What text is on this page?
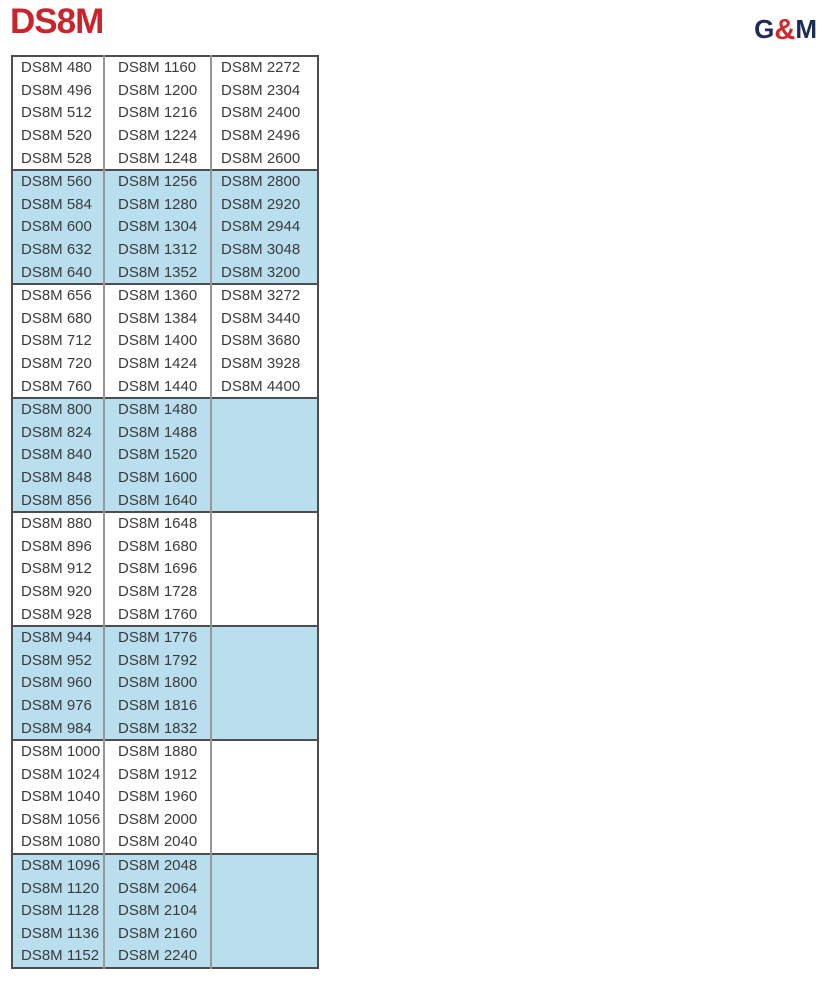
DS8M	G&M
DS8M 480	DS8M 1160	DS8M 2272
DS8M 496	DS8M 1200	DS8M 2304
DS8M 512	DS8M 1216	DS8M 2400
DS8M 520	DS8M 1224	DS8M 2496
DS8M 528	DS8M 1248	DS8M 2600
DS8M 560	DS8M 1256	DS8M 2800
DS8M 584	DS8M 1280	DS8M 2920
DS8M 600	DS8M 1304	DS8M 2944
DS8M 632	DS8M 1312	DS8M 3048
DS8M 640	DS8M 1352	DS8M 3200
DS8M 656	DS8M 1360	DS8M 3272
DS8M 680	DS8M 1384	DS8M 3440
DS8M 712	DS8M 1400	DS8M 3680
DS8M 720	DS8M 1424	DS8M 3928
DS8M 760	DS8M 1440	DS8M 4400
DS8M 800	DS8M 1480	
DS8M 824	DS8M 1488	
DS8M 840	DS8M 1520	
DS8M 848	DS8M 1600	
DS8M 856	DS8M 1640	
DS8M 880	DS8M 1648	
DS8M 896	DS8M 1680	
DS8M 912	DS8M 1696	
DS8M 920	DS8M 1728	
DS8M 928	DS8M 1760	
DS8M 944	DS8M 1776	
DS8M 952	DS8M 1792	
DS8M 960	DS8M 1800	
DS8M 976	DS8M 1816	
DS8M 984	DS8M 1832	
DS8M 1000	DS8M 1880	
DS8M 1024	DS8M 1912	
DS8M 1040	DS8M 1960	
DS8M 1056	DS8M 2000	
DS8M 1080	DS8M 2040	
DS8M 1096	DS8M 2048	
DS8M 1120	DS8M 2064	
DS8M 1128	DS8M 2104	
DS8M 1136	DS8M 2160	
DS8M 1152	DS8M 2240	
